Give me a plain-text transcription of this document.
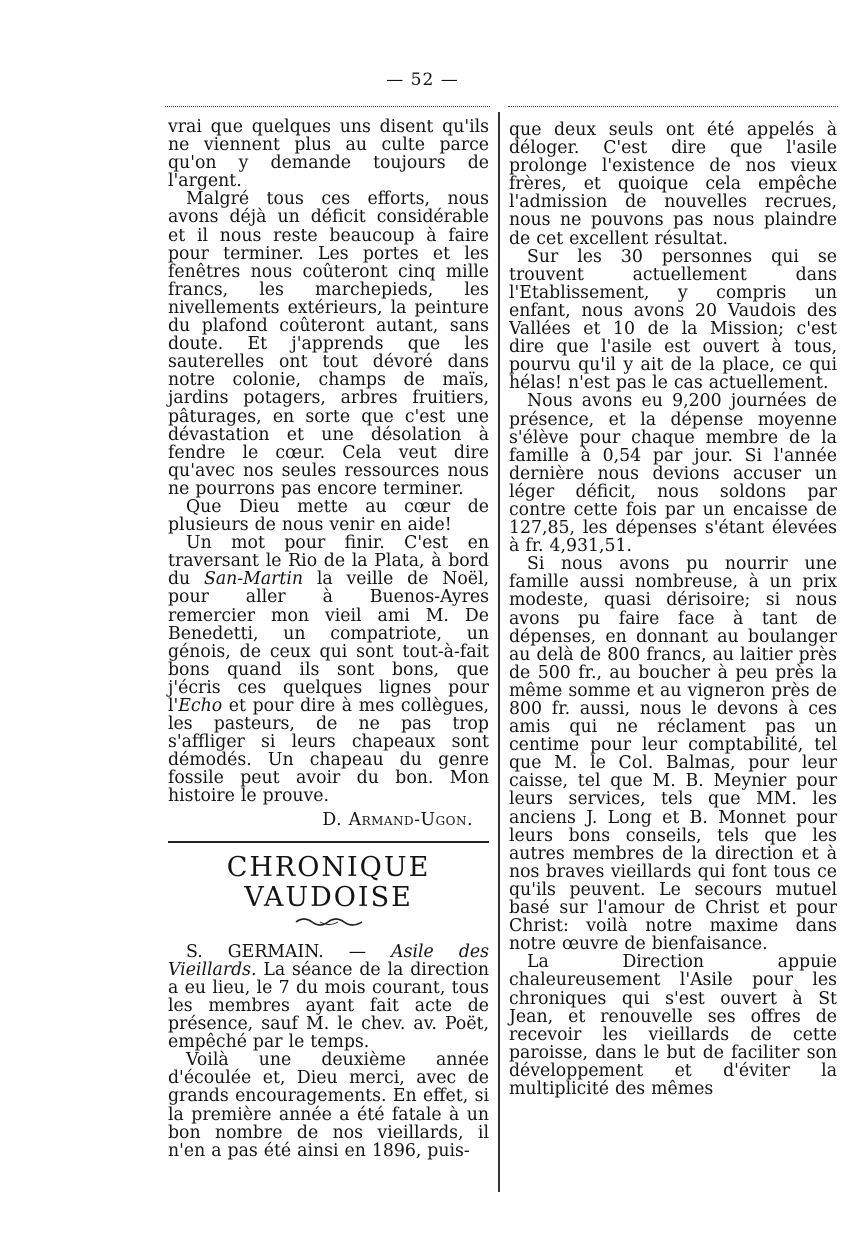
— 52 —

vrai que quelques uns disent qu'ils ne viennent plus au culte parce qu'on y demande toujours de l'argent.

Malgré tous ces efforts, nous avons déjà un déficit considérable et il nous reste beaucoup à faire pour terminer. Les portes et les fenêtres nous coûteront cinq mille francs, les marchepieds, les nivellements extérieurs, la peinture du plafond coûteront autant, sans doute. Et j'apprends que les sauterelles ont tout dévoré dans notre colonie, champs de maïs, jardins potagers, arbres fruitiers, pâturages, en sorte que c'est une dévastation et une désolation à fendre le cœur. Cela veut dire qu'avec nos seules ressources nous ne pourrons pas encore terminer.

Que Dieu mette au cœur de plusieurs de nous venir en aide!

Un mot pour finir. C'est en traversant le Rio de la Plata, à bord du San-Martin la veille de Noël, pour aller à Buenos-Ayres remercier mon vieil ami M. De Benedetti, un compatriote, un génois, de ceux qui sont tout-à-fait bons quand ils sont bons, que j'écris ces quelques lignes pour l'Echo et pour dire à mes collègues, les pasteurs, de ne pas trop s'affliger si leurs chapeaux sont démodés. Un chapeau du genre fossile peut avoir du bon. Mon histoire le prouve.

D. Armand-Ugon.
CHRONIQUE VAUDOISE

S. GERMAIN. — Asile des Vieillards. La séance de la direction a eu lieu, le 7 du mois courant, tous les membres ayant fait acte de présence, sauf M. le chev. av. Poët, empêché par le temps.

Voilà une deuxième année d'écoulée et, Dieu merci, avec de grands encouragements. En effet, si la première année a été fatale à un bon nombre de nos vieillards, il n'en a pas été ainsi en 1896, puis-

que deux seuls ont été appelés à déloger. C'est dire que l'asile prolonge l'existence de nos vieux frères, et quoique cela empêche l'admission de nouvelles recrues, nous ne pouvons pas nous plaindre de cet excellent résultat.

Sur les 30 personnes qui se trouvent actuellement dans l'Etablissement, y compris un enfant, nous avons 20 Vaudois des Vallées et 10 de la Mission; c'est dire que l'asile est ouvert à tous, pourvu qu'il y ait de la place, ce qui hélas! n'est pas le cas actuellement.

Nous avons eu 9,200 journées de présence, et la dépense moyenne s'élève pour chaque membre de la famille à 0,54 par jour. Si l'année dernière nous devions accuser un léger déficit, nous soldons par contre cette fois par un encaisse de 127,85, les dépenses s'étant élevées à fr. 4,931,51.

Si nous avons pu nourrir une famille aussi nombreuse, à un prix modeste, quasi dérisoire; si nous avons pu faire face à tant de dépenses, en donnant au boulanger au delà de 800 francs, au laitier près de 500 fr., au boucher à peu près la même somme et au vigneron près de 800 fr. aussi, nous le devons à ces amis qui ne réclament pas un centime pour leur comptabilité, tel que M. le Col. Balmas, pour leur caisse, tel que M. B. Meynier pour leurs services, tels que MM. les anciens J. Long et B. Monnet pour leurs bons conseils, tels que les autres membres de la direction et à nos braves vieillards qui font tous ce qu'ils peuvent. Le secours mutuel basé sur l'amour de Christ et pour Christ: voilà notre maxime dans notre œuvre de bienfaisance.

La Direction appuie chaleureusement l'Asile pour les chroniques qui s'est ouvert à St Jean, et renouvelle ses offres de recevoir les vieillards de cette paroisse, dans le but de faciliter son développement et d'éviter la multiplicité des mêmes
